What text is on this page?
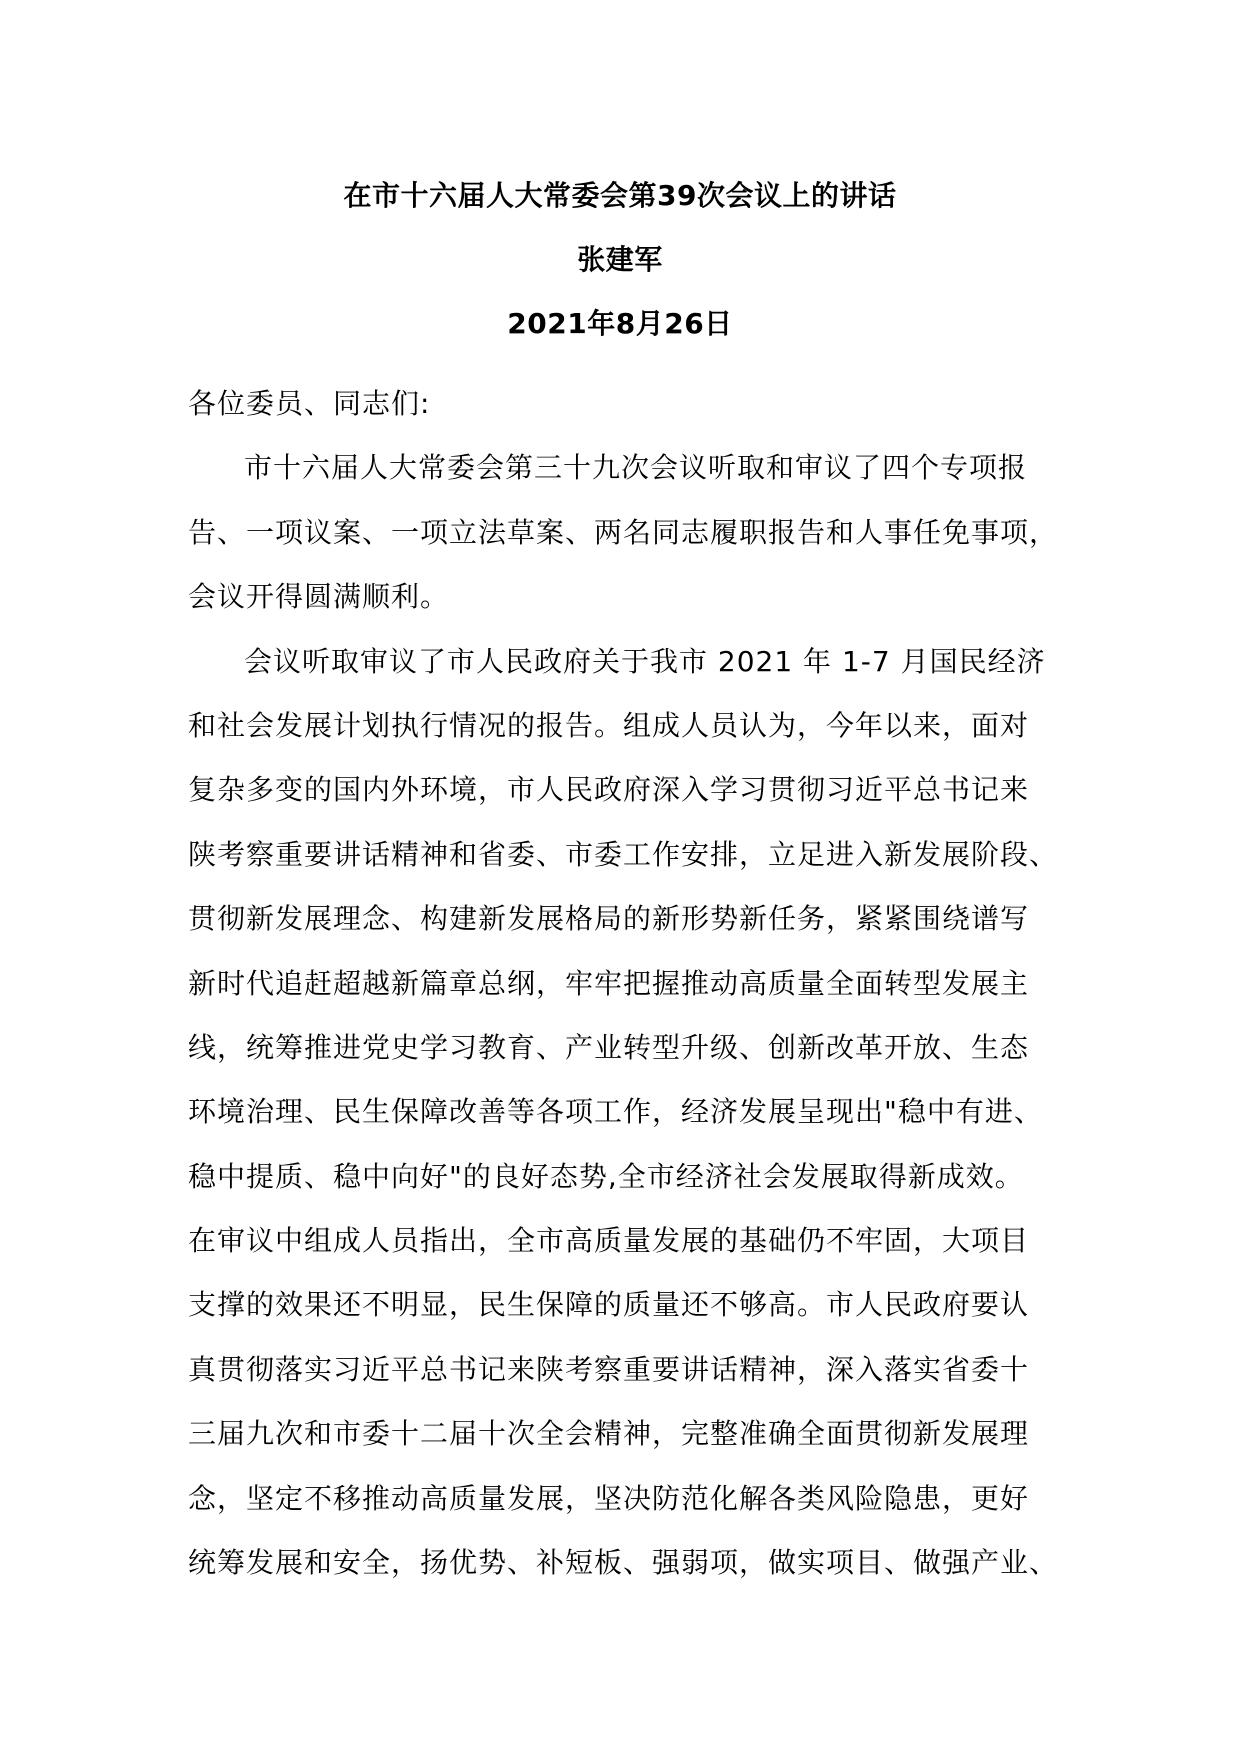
在市十六届人大常委会第39次会议上的讲话
张建军
2021年8月26日
各位委员、同志们:
市十六届人大常委会第三十九次会议听取和审议了四个专项报
告、一项议案、一项立法草案、两名同志履职报告和人事任免事项，
会议开得圆满顺利。
会议听取审议了市人民政府关于我市 2021 年 1-7 月国民经济
和社会发展计划执行情况的报告。组成人员认为，今年以来，面对
复杂多变的国内外环境，市人民政府深入学习贯彻习近平总书记来
陕考察重要讲话精神和省委、市委工作安排，立足进入新发展阶段、
贯彻新发展理念、构建新发展格局的新形势新任务，紧紧围绕谱写
新时代追赶超越新篇章总纲，牢牢把握推动高质量全面转型发展主
线，统筹推进党史学习教育、产业转型升级、创新改革开放、生态
环境治理、民生保障改善等各项工作，经济发展呈现出"稳中有进、
稳中提质、稳中向好"的良好态势,全市经济社会发展取得新成效。
在审议中组成人员指出，全市高质量发展的基础仍不牢固，大项目
支撑的效果还不明显，民生保障的质量还不够高。市人民政府要认
真贯彻落实习近平总书记来陕考察重要讲话精神，深入落实省委十
三届九次和市委十二届十次全会精神，完整准确全面贯彻新发展理
念，坚定不移推动高质量发展，坚决防范化解各类风险隐患，更好
统筹发展和安全，扬优势、补短板、强弱项，做实项目、做强产业、
